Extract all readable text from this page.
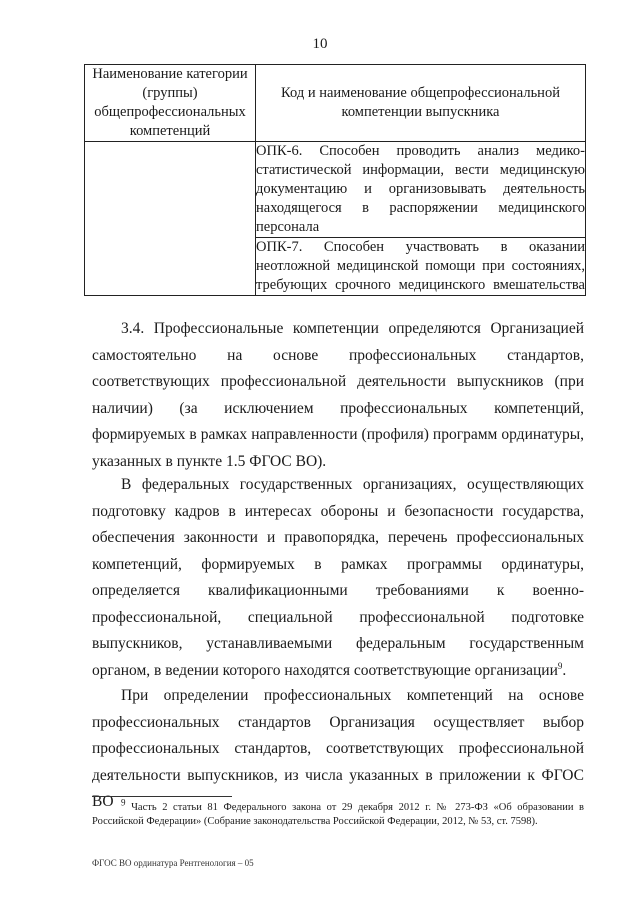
10
Наименование категории (группы) общепрофессиональных компетенций	Код и наименование общепрофессиональной компетенции выпускника
	ОПК-6. Способен проводить анализ медико-статистической информации, вести медицинскую документацию и организовывать деятельность находящегося в распоряжении медицинского персонала
	ОПК-7. Способен участвовать в оказании неотложной медицинской помощи при состояниях, требующих срочного медицинского вмешательства

3.4. Профессиональные компетенции определяются Организацией самостоятельно на основе профессиональных стандартов, соответствующих профессиональной деятельности выпускников (при наличии) (за исключением профессиональных компетенций, формируемых в рамках направленности (профиля) программ ординатуры, указанных в пункте 1.5 ФГОС ВО).

В федеральных государственных организациях, осуществляющих подготовку кадров в интересах обороны и безопасности государства, обеспечения законности и правопорядка, перечень профессиональных компетенций, формируемых в рамках программы ординатуры, определяется квалификационными требованиями к военно-профессиональной, специальной профессиональной подготовке выпускников, устанавливаемыми федеральным государственным органом, в ведении которого находятся соответствующие организации$^9$.

При определении профессиональных компетенций на основе профессиональных стандартов Организация осуществляет выбор профессиональных стандартов, соответствующих профессиональной деятельности выпускников, из числа указанных в приложении к ФГОС ВО $^9$ Часть 2 статьи 81 Федерального закона от 29 декабря 2012 г. № 273-ФЗ «Об образовании в Российской Федерации» (Собрание законодательства Российской Федерации, 2012, № 53, ст. 7598).

ФГОС ВО ординатура Рентгенология – 05
